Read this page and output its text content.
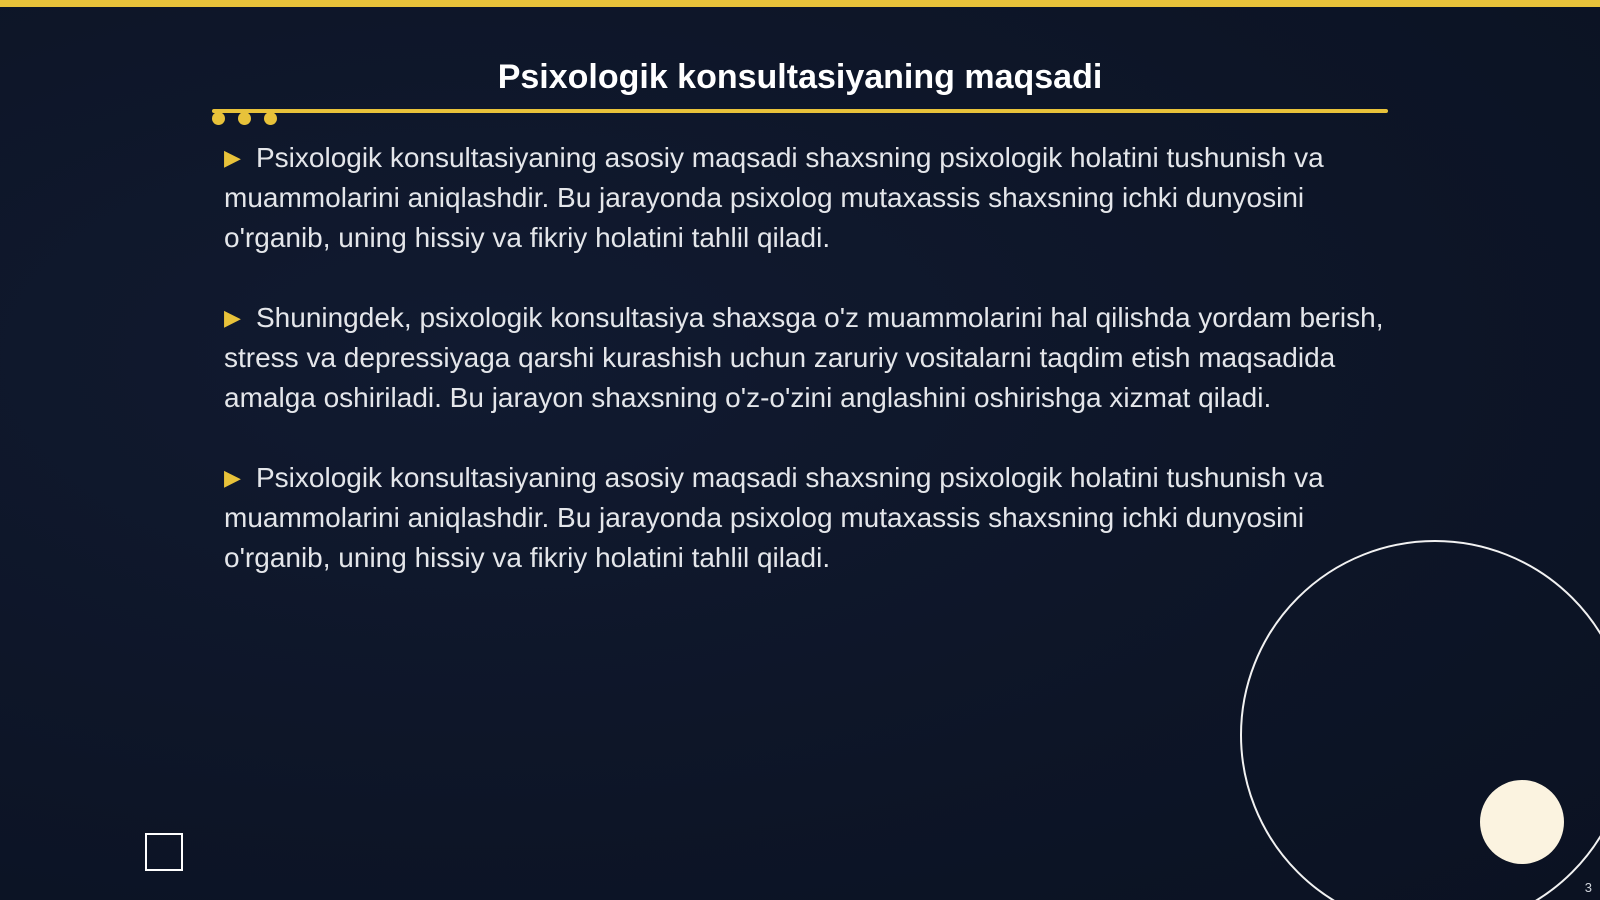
Psixologik konsultasiyaning maqsadi

▶ Psixologik konsultasiyaning asosiy maqsadi shaxsning psixologik holatini tushunish va muammolarini aniqlashdir. Bu jarayonda psixolog mutaxassis shaxsning ichki dunyosini o'rganib, uning hissiy va fikriy holatini tahlil qiladi.

▶ Shuningdek, psixologik konsultasiya shaxsga o'z muammolarini hal qilishda yordam berish, stress va depressiyaga qarshi kurashish uchun zaruriy vositalarni taqdim etish maqsadida amalga oshiriladi. Bu jarayon shaxsning o'z-o'zini anglashini oshirishga xizmat qiladi.

▶ Psixologik konsultasiyaning asosiy maqsadi shaxsning psixologik holatini tushunish va muammolarini aniqlashdir. Bu jarayonda psixolog mutaxassis shaxsning ichki dunyosini o'rganib, uning hissiy va fikriy holatini tahlil qiladi.

3
